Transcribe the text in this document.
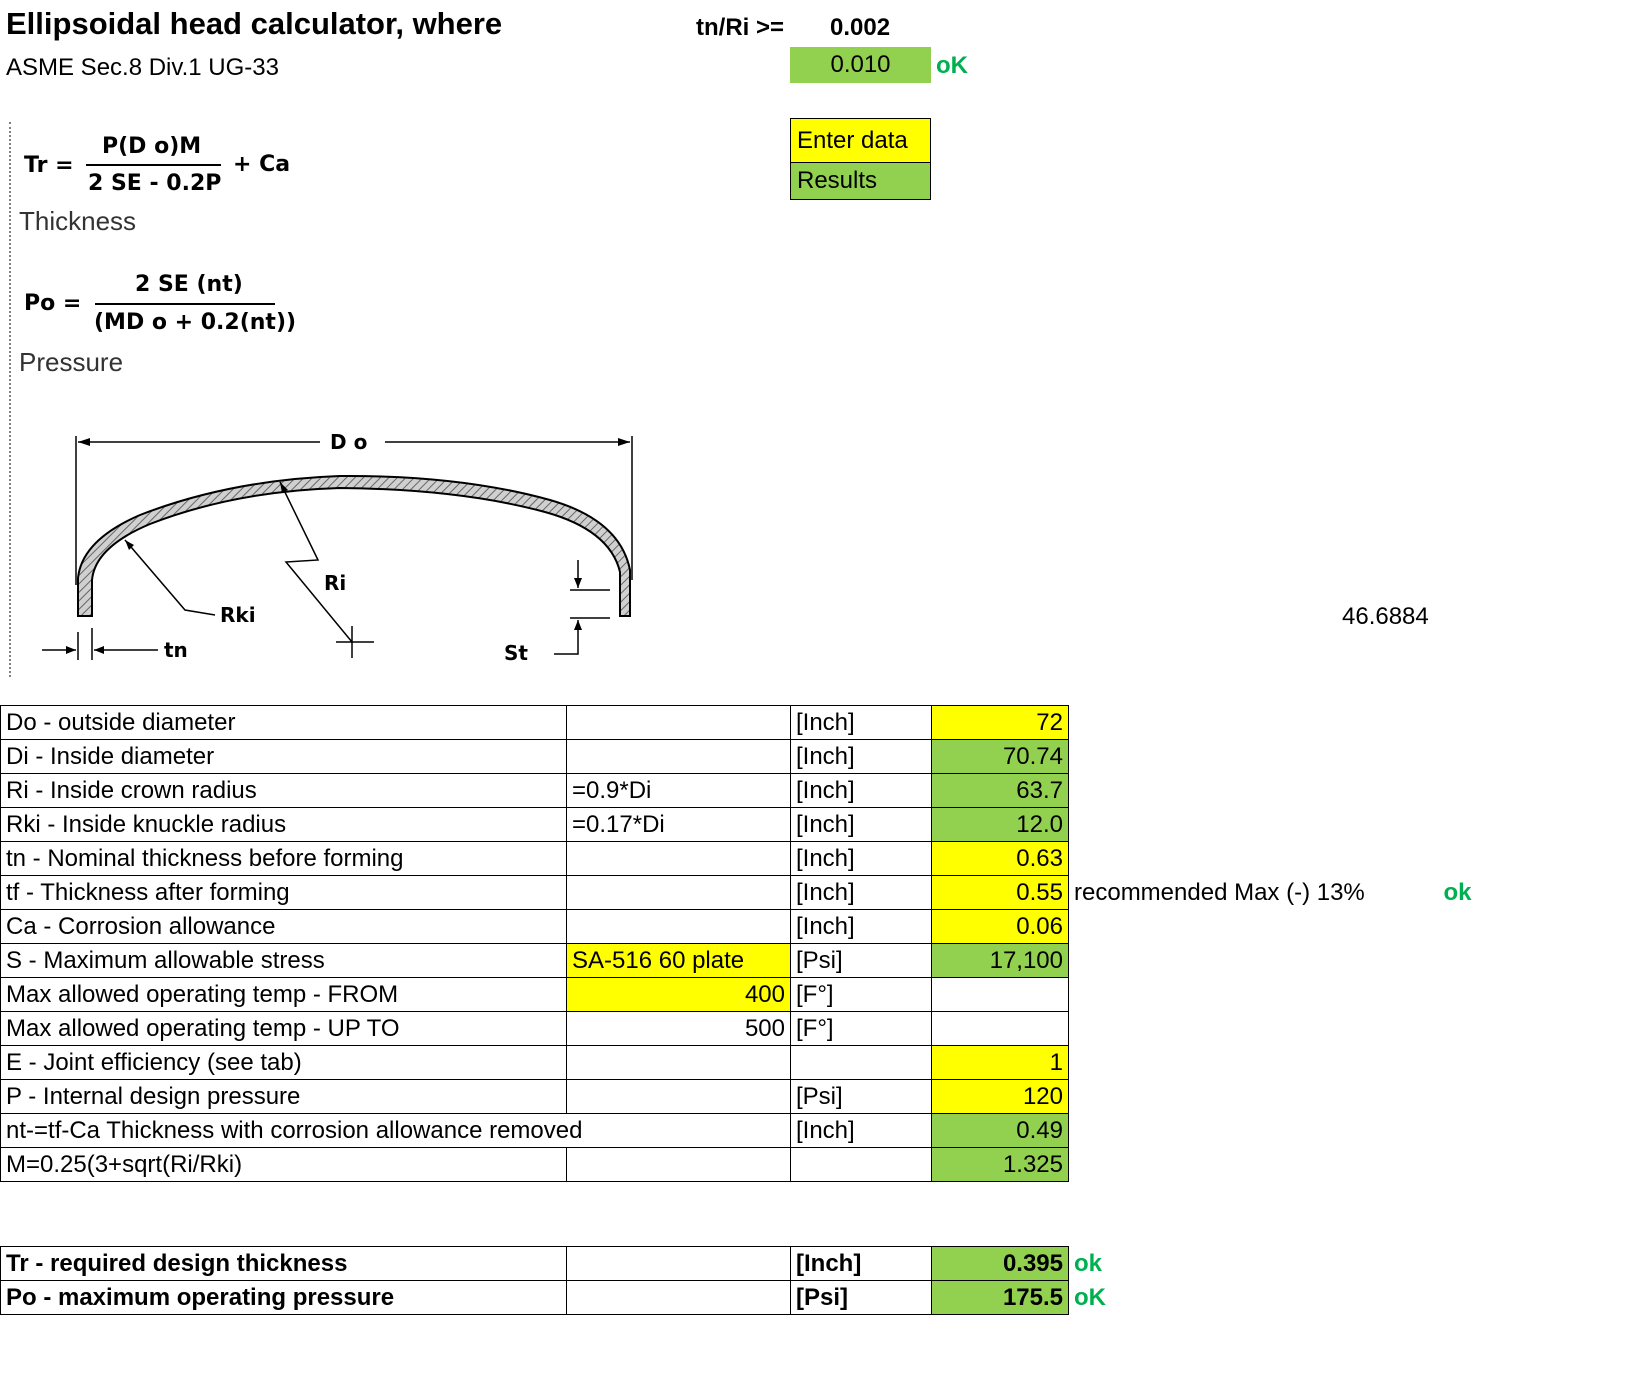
Ellipsoidal head calculator, where
ASME Sec.8 Div.1 UG-33
tn/Ri >= 0.002
0.010 oK
Enter data
Results
Tr =
P(D o)M
2 SE - 0.2P
+ Ca
Thickness
Po =
2 SE (nt)
(MD o + 0.2(nt))
Pressure
D o
Rki
Ri
tn	St
46.6884
Do - outside diameter		[Inch]	72		
Di - Inside diameter		[Inch]	70.74		
Ri - Inside crown radius	=0.9*Di	[Inch]	63.7		
Rki - Inside knuckle radius	=0.17*Di	[Inch]	12.0		
tn - Nominal thickness before forming		[Inch]	0.63		
tf - Thickness after forming		[Inch]	0.55	recommended Max (-) 13%	ok
Ca - Corrosion allowance		[Inch]	0.06		
S - Maximum allowable stress	SA-516 60 plate	[Psi]	17,100		
Max allowed operating temp - FROM	400	[F°]			
Max allowed operating temp - UP TO	500	[F°]			
E - Joint efficiency (see tab)			1		
P - Internal design pressure		[Psi]	120		
nt-=tf-Ca Thickness with corrosion allowance removed		[Inch]	0.49		
M=0.25(3+sqrt(Ri/Rki)			1.325		
Tr - required design thickness		[Inch]	0.395	ok
Po - maximum operating pressure		[Psi]	175.5	oK
